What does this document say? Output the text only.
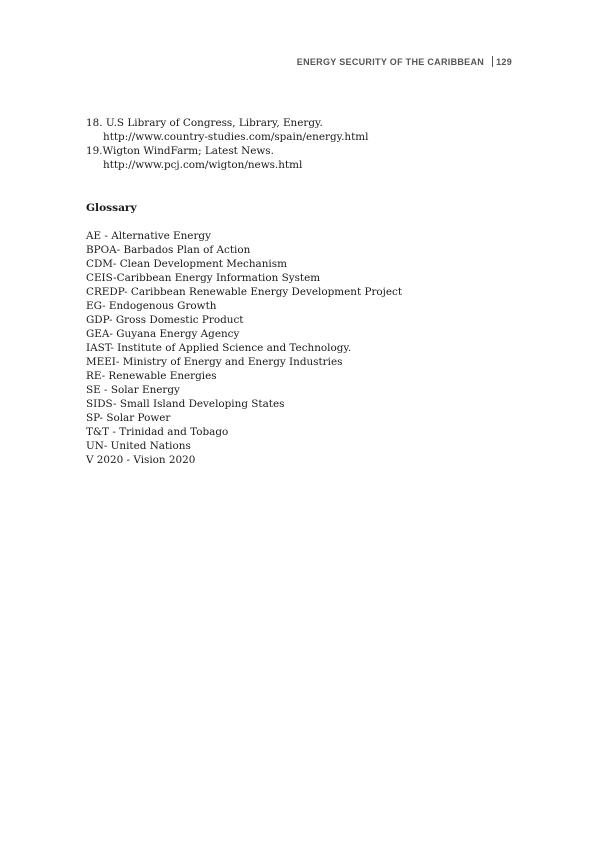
ENERGY SECURITY OF THE CARIBBEAN 129
18. U.S Library of Congress, Library, Energy.
http://www.country-studies.com/spain/energy.html
19.Wigton WindFarm; Latest News.
http://www.pcj.com/wigton/news.html
Glossary
AE - Alternative Energy
BPOA- Barbados Plan of Action
CDM- Clean Development Mechanism
CEIS-Caribbean Energy Information System
CREDP- Caribbean Renewable Energy Development Project
EG- Endogenous Growth
GDP- Gross Domestic Product
GEA- Guyana Energy Agency
IAST- Institute of Applied Science and Technology.
MEEI- Ministry of Energy and Energy Industries
RE- Renewable Energies
SE - Solar Energy
SIDS- Small Island Developing States
SP- Solar Power
T&T - Trinidad and Tobago
UN- United Nations
V 2020 - Vision 2020
